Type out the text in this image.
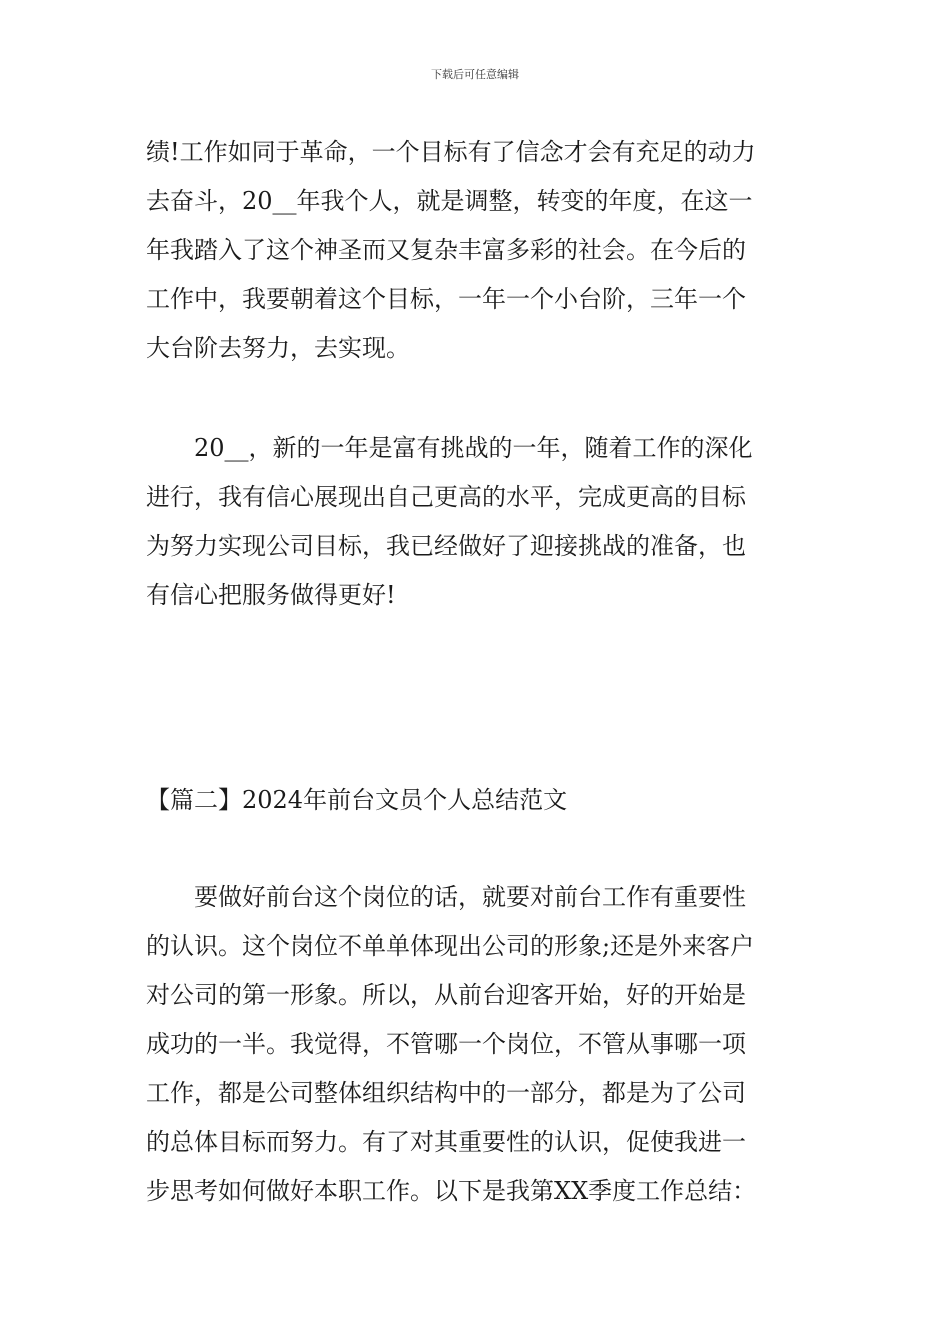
下载后可任意编辑
绩!工作如同于革命，一个目标有了信念才会有充足的动力
去奋斗，20__年我个人，就是调整，转变的年度，在这一
年我踏入了这个神圣而又复杂丰富多彩的社会。在今后的
工作中，我要朝着这个目标，一年一个小台阶，三年一个
大台阶去努力，去实现。
　　20__，新的一年是富有挑战的一年，随着工作的深化
进行，我有信心展现出自己更高的水平，完成更高的目标
为努力实现公司目标，我已经做好了迎接挑战的准备，也
有信心把服务做得更好!
【篇二】2024年前台文员个人总结范文
　　要做好前台这个岗位的话，就要对前台工作有重要性
的认识。这个岗位不单单体现出公司的形象;还是外来客户
对公司的第一形象。所以，从前台迎客开始，好的开始是
成功的一半。我觉得，不管哪一个岗位，不管从事哪一项
工作，都是公司整体组织结构中的一部分，都是为了公司
的总体目标而努力。有了对其重要性的认识，促使我进一
步思考如何做好本职工作。以下是我第XX季度工作总结：
